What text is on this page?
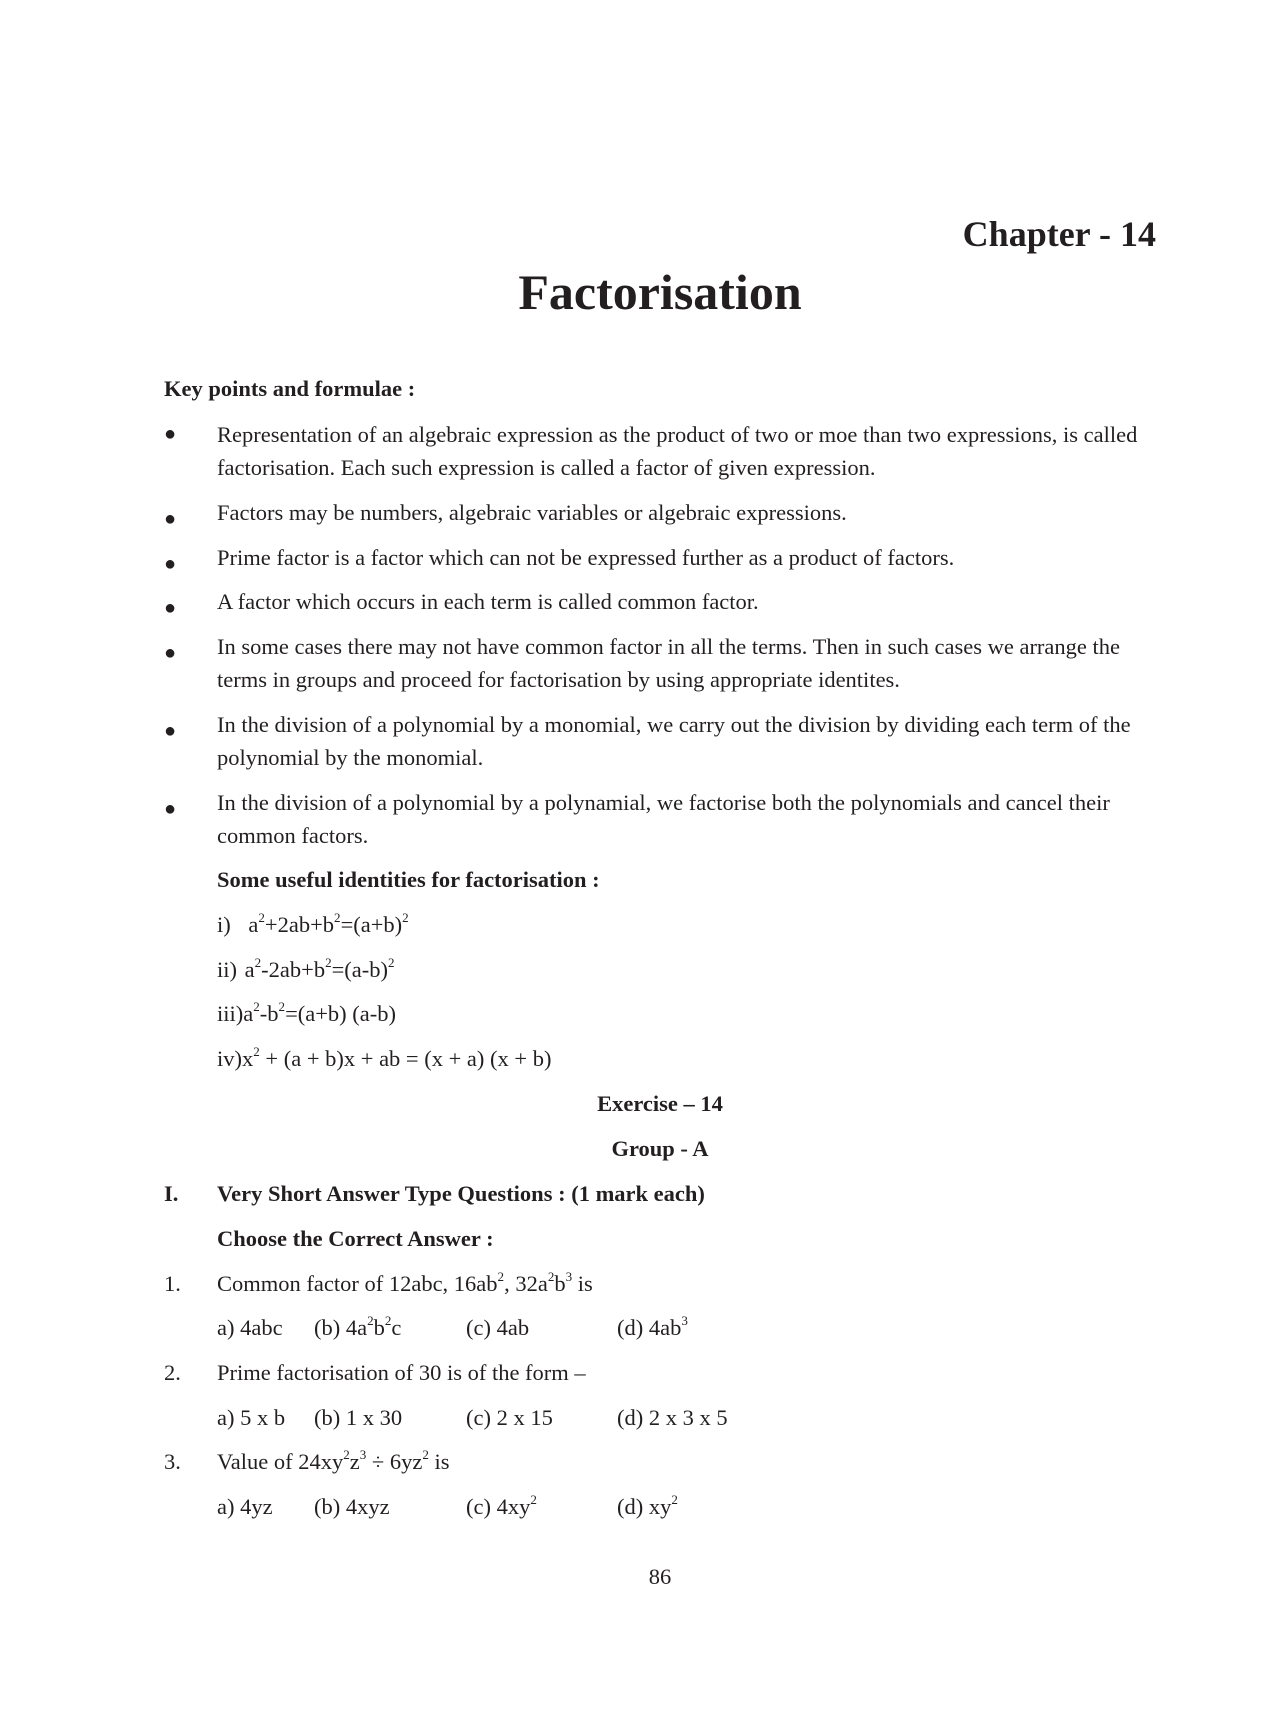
Chapter - 14
Factorisation
Key points and formulae :
● Representation of an algebraic expression as the product of two or moe than two expressions, is called factorisation. Each such expression is called a factor of given expression.
● Factors may be numbers, algebraic variables or algebraic expressions.
● Prime factor is a factor which can not be expressed further as a product of factors.
● A factor which occurs in each term is called common factor.
● In some cases there may not have common factor in all the terms. Then in such cases we arrange the terms in groups and proceed for factorisation by using appropriate identites.
● In the division of a polynomial by a monomial, we carry out the division by dividing each term of the polynomial by the monomial.
● In the division of a polynomial by a polynamial, we factorise both the polynomials and cancel their common factors.
Some useful identities for factorisation :
i) $a^2+2ab+b^2=(a+b)^2$
ii) $a^2-2ab+b^2=(a-b)^2$
$iii)a^2-b^2=(a+b)$ (a-b)
$iv)x^2 + (a + b)x$ + ab = (x + a) (x + b)
Exercise – 14
Group - A
I. Very Short Answer Type Questions : (1 mark each)
Choose the Correct Answer :
1. Common factor of 12abc, $16ab^2$, $32a^2b^3$ is
a) 4abc (b) $4a^2b^2c$	(c) 4ab	(d) $4ab^3$
2. Prime factorisation of 30 is of the form –
a) 5 x b (b) 1 x 30	(c) 2 x 15	(d) 2 x 3 x 5
3. Value of $24xy^2z^3 \div 6yz^2$ is
a) 4yz (b) 4xyz	(c) $4xy^2$	(d) $xy^2$
86
